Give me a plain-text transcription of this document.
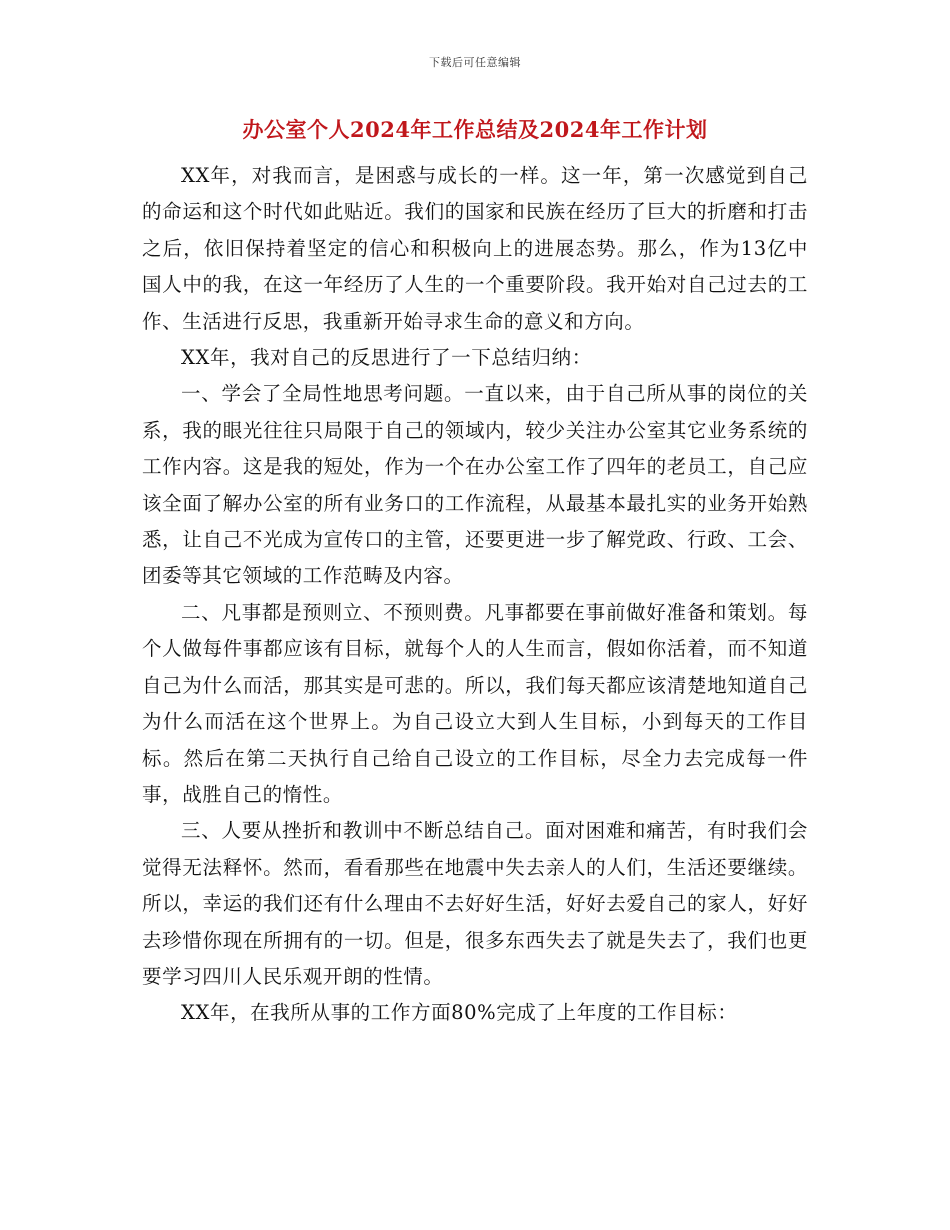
下载后可任意编辑
办公室个人2024年工作总结及2024年工作计划

XX年，对我而言，是困惑与成长的一样。这一年，第一次感觉到自己的命运和这个时代如此贴近。我们的国家和民族在经历了巨大的折磨和打击之后，依旧保持着坚定的信心和积极向上的进展态势。那么，作为13亿中国人中的我，在这一年经历了人生的一个重要阶段。我开始对自己过去的工作、生活进行反思，我重新开始寻求生命的意义和方向。

XX年，我对自己的反思进行了一下总结归纳：

一、学会了全局性地思考问题。一直以来，由于自己所从事的岗位的关系，我的眼光往往只局限于自己的领域内，较少关注办公室其它业务系统的工作内容。这是我的短处，作为一个在办公室工作了四年的老员工，自己应该全面了解办公室的所有业务口的工作流程，从最基本最扎实的业务开始熟悉，让自己不光成为宣传口的主管，还要更进一步了解党政、行政、工会、团委等其它领域的工作范畴及内容。

二、凡事都是预则立、不预则费。凡事都要在事前做好准备和策划。每个人做每件事都应该有目标，就每个人的人生而言，假如你活着，而不知道自己为什么而活，那其实是可悲的。所以，我们每天都应该清楚地知道自己为什么而活在这个世界上。为自己设立大到人生目标，小到每天的工作目标。然后在第二天执行自己给自己设立的工作目标，尽全力去完成每一件事，战胜自己的惰性。

三、人要从挫折和教训中不断总结自己。面对困难和痛苦，有时我们会觉得无法释怀。然而，看看那些在地震中失去亲人的人们，生活还要继续。所以，幸运的我们还有什么理由不去好好生活，好好去爱自己的家人，好好去珍惜你现在所拥有的一切。但是，很多东西失去了就是失去了，我们也更要学习四川人民乐观开朗的性情。

XX年，在我所从事的工作方面80%完成了上年度的工作目标：
